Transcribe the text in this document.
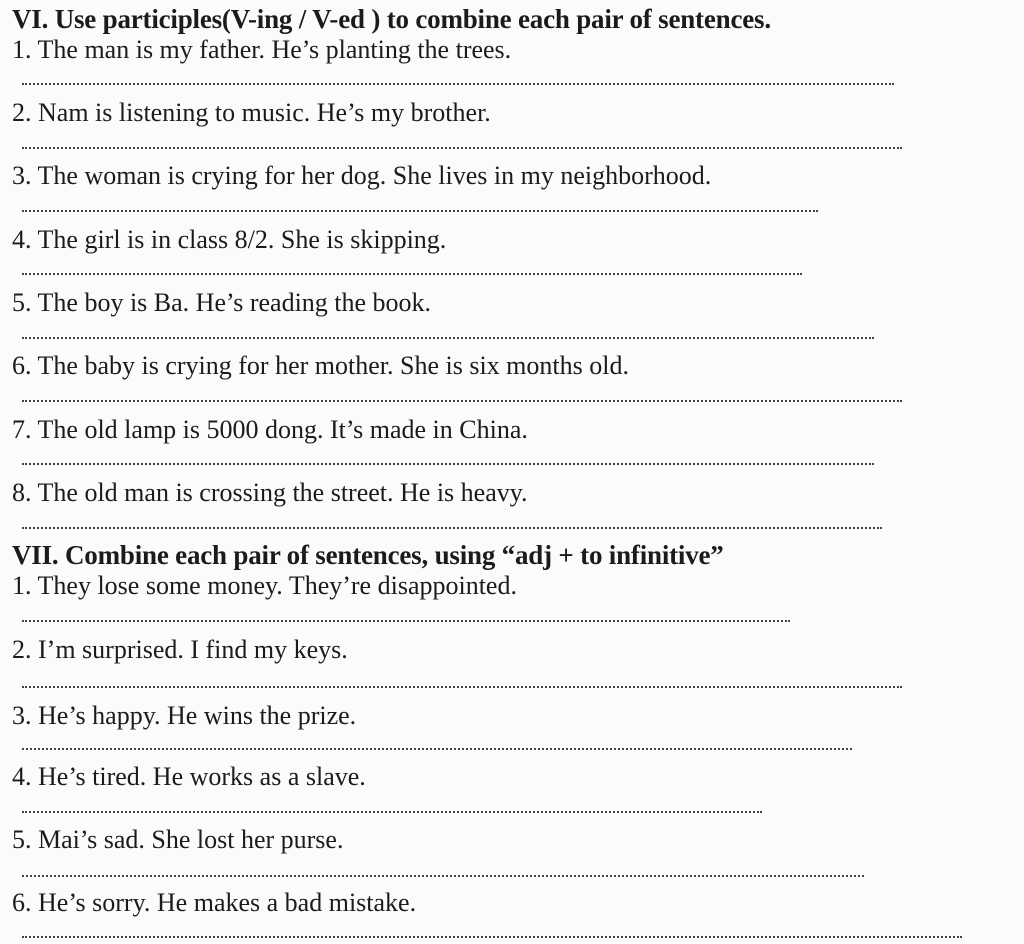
VI. Use participles(V-ing / V-ed ) to combine each pair of sentences.
1. The man is my father. He’s planting the trees.
2. Nam is listening to music. He’s my brother.
3. The woman is crying for her dog. She lives in my neighborhood.
4. The girl is in class 8/2. She is skipping.
5. The boy is Ba. He’s reading the book.
6. The baby is crying for her mother. She is six months old.
7. The old lamp is 5000 dong. It’s made in China.
8. The old man is crossing the street. He is heavy.
VII. Combine each pair of sentences, using “adj + to infinitive”
1. They lose some money. They’re disappointed.
2. I’m surprised. I find my keys.
3. He’s happy. He wins the prize.
4. He’s tired. He works as a slave.
5. Mai’s sad. She lost her purse.
6. He’s sorry. He makes a bad mistake.
